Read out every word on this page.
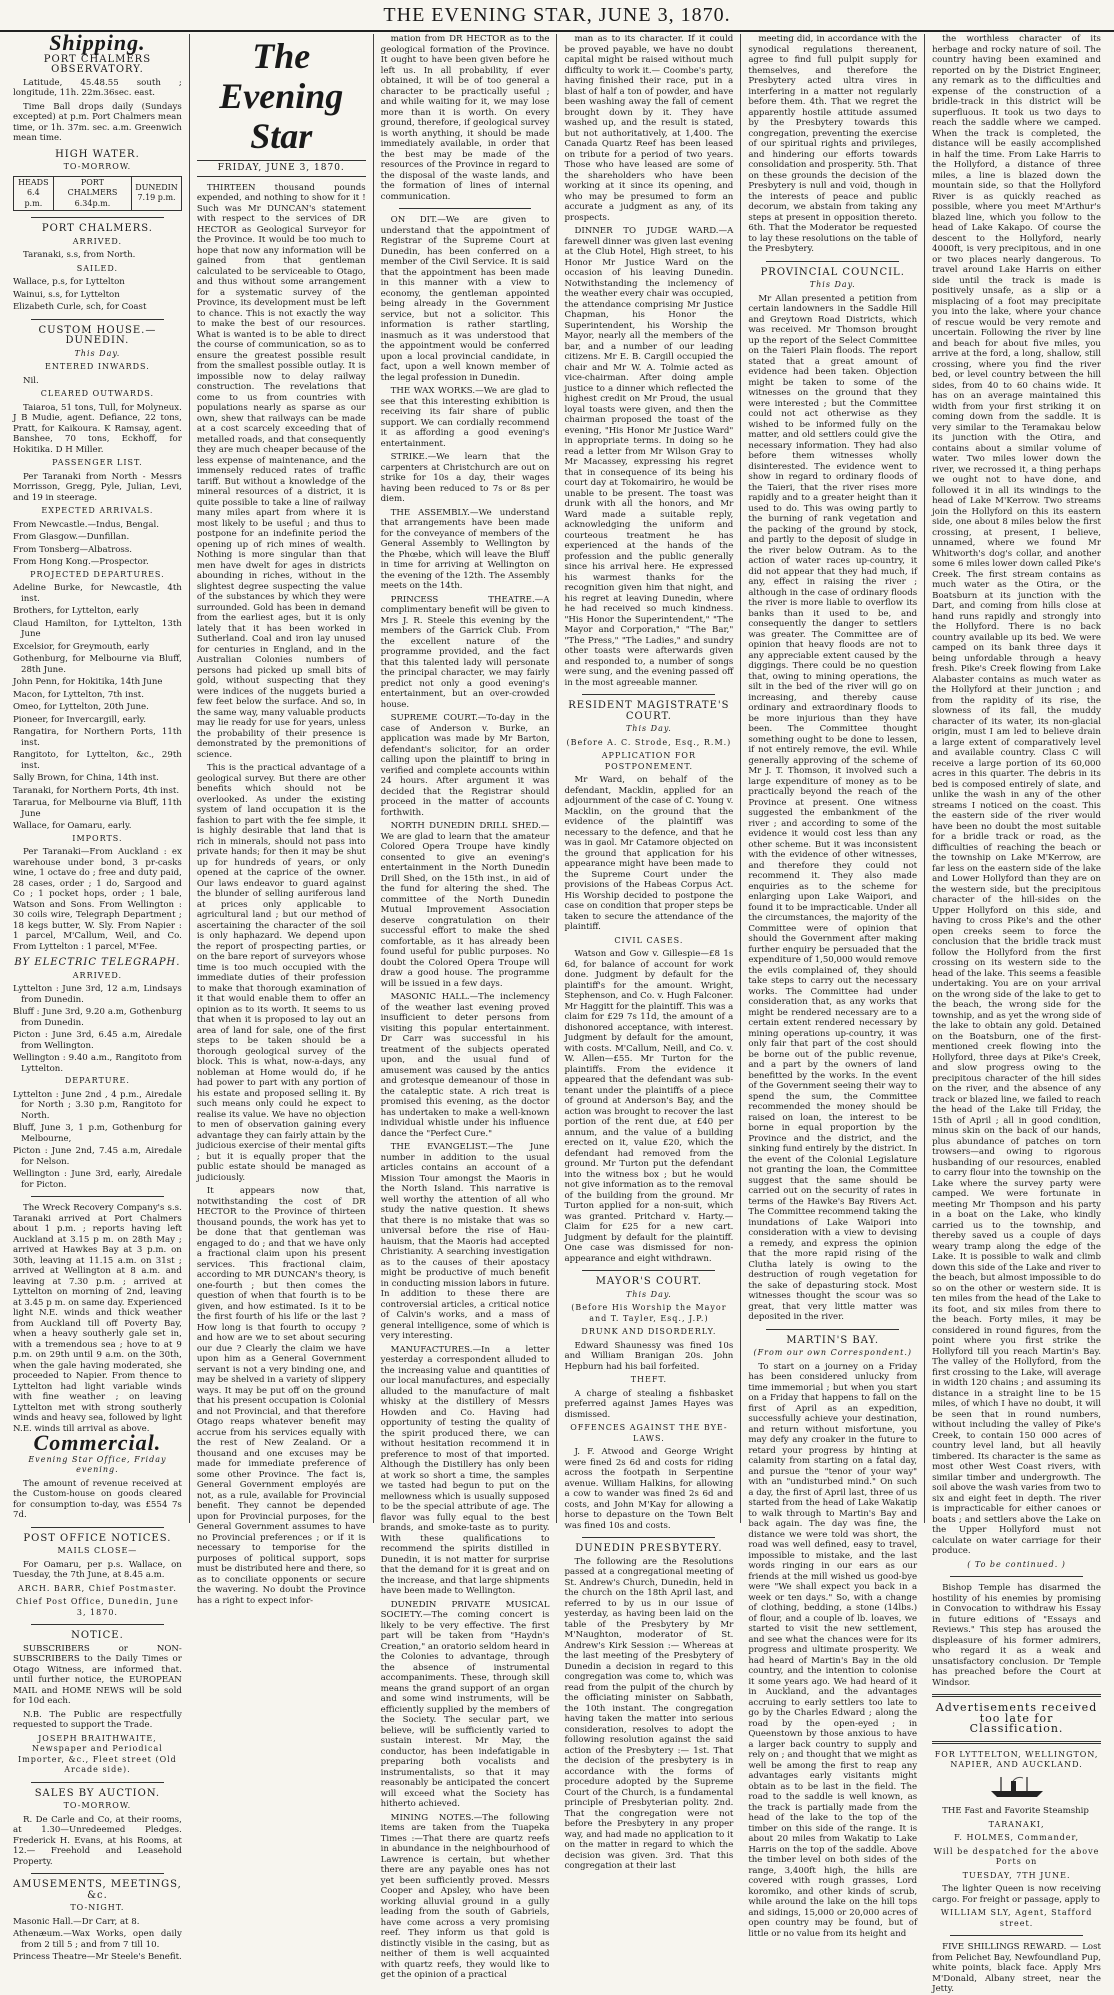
THE EVENING STAR, JUNE 3, 1870.
Shipping.
PORT CHALMERS OBSERVATORY.

Latitude, 45.48.55 south ; longitude, 11h. 22m.36sec. east.

Time Ball drops daily (Sundays excepted) at p.m. Port Chalmers mean time, or 1h. 37m. sec. a.m. Greenwich mean time.

HIGH WATER.
TO-MORROW.
HEADS
6.4 p.m.	PORT CHALMERS
6.34p.m.	DUNEDIN
7.19 p.m.
PORT CHALMERS.
ARRIVED.

Taranaki, s.s, from North.

SAILED.
Wallace, p.s, for Lyttelton
Wainui, s.s, for Lyttelton
Elizabeth Curle, sch, for Coast
CUSTOM HOUSE.—DUNEDIN.
This Day.
ENTERED INWARDS.

Nil.

CLEARED OUTWARDS.

Taiaroa, 51 tons, Tull, for Molyneux. J B Mudie, agent. Defiance, 22 tons, Pratt, for Kaikoura. K Ramsay, agent. Banshee, 70 tons, Eckhoff, for Hokitika. D H Miller.

PASSENGER LIST.

Per Taranaki from North - Messrs Morrisson, Gregg, Pyle, Julian, Levi, and 19 in steerage.

EXPECTED ARRIVALS.
From Newcastle.—Indus, Bengal.
From Glasgow.—Dunfillan.
From Tonsberg—Albatross.
From Hong Kong.—Prospector.
PROJECTED DEPARTURES.
Adeline Burke, for Newcastle, 4th inst.
Brothers, for Lyttelton, early
Claud Hamilton, for Lyttelton, 13th June
Excelsior, for Greymouth, early
Gothenburg, for Melbourne via Bluff, 28th June.
John Penn, for Hokitika, 14th June
Macon, for Lyttelton, 7th inst.
Omeo, for Lyttelton, 20th June.
Pioneer, for Invercargill, early.
Rangatira, for Northern Ports, 11th inst.
Rangitoto, for Lyttelton, &c., 29th inst.
Sally Brown, for China, 14th inst.
Taranaki, for Northern Ports, 4th inst.
Tararua, for Melbourne via Bluff, 11th June
Wallace, for Oamaru, early.
IMPORTS.

Per Taranaki—From Auckland : ex warehouse under bond, 3 pr-casks wine, 1 octave do ; free and duty paid, 28 cases, order ; 1 do, Sargood and Co ; 1 pocket hops, order ; 1 bale, Watson and Sons. From Wellington : 30 coils wire, Telegraph Department ; 18 kegs butter, W. Sly. From Napier : 1 parcel, M'Callum, Weil, and Co. From Lyttelton : 1 parcel, M'Fee.

BY ELECTRIC TELEGRAPH.
ARRIVED.
Lyttelton : June 3rd, 12 a.m, Lindsays from Dunedin.
Bluff : June 3rd, 9.20 a.m, Gothenburg from Dunedin.
Picton : June 3rd, 6.45 a.m, Airedale from Wellington.
Wellington : 9.40 a.m., Rangitoto from Lyttelton.
DEPARTURE.
Lyttelton : June 2nd , 4 p.m., Airedale for North ; 3.30 p.m, Rangitoto for North.
Bluff, June 3, 1 p.m, Gothenburg for Melbourne,
Picton : June 2nd, 7.45 a.m, Airedale for Nelson.
Wellington : June 3rd, early, Airedale for Picton.

The Wreck Recovery Company's s.s. Taranaki arrived at Port Chalmers about 1 p.m. ; reports having left Auckland at 3.15 p m. on 28th May ; arrived at Hawkes Bay at 3 p.m. on 30th, leaving at 11.15 a.m. on 31st ; arrived at Wellington at 8 a.m. and leaving at 7.30 p.m. ; arrived at Lyttelton on morning of 2nd, leaving at 3.45 p m. on same day. Experienced light N.E. winds and thick weather from Auckland till off Poverty Bay, when a heavy southerly gale set in, with a tremendous sea ; hove to at 9 p.m. on 29th until 9 a.m. on the 30th, when the gale having moderated, she proceeded to Napier. From thence to Lyttelton had light variable winds with fine weather ; on leaving Lyttelton met with strong southerly winds and heavy sea, followed by light N.E. winds till arrival as above.

Commercial.
Evening Star Office, Friday evening.

The amount of revenue received at the Custom-house on goods cleared for consumption to-day, was £554 7s 7d.

POST OFFICE NOTICES.
MAILS CLOSE—

For Oamaru, per p.s. Wallace, on Tuesday, the 7th June, at 8.45 a.m.

ARCH. BARR, Chief Postmaster.
Chief Post Office, Dunedin, June 3, 1870.
NOTICE.

SUBSCRIBERS or NON-SUBSCRIBERS to the Daily Times or Otago Witness, are informed that. until further notice, the EUROPEAN MAIL and HOME NEWS will be sold for 10d each.

N.B. The Public are respectfully requested to support the Trade.

JOSEPH BRAITHWAITE, Newspaper and Periodical Importer, &c., Fleet street (Old Arcade side).
SALES BY AUCTION.
TO-MORROW.

R. De Carle and Co, at their rooms, at 1.30—Unredeemed Pledges. Frederick H. Evans, at his Rooms, at 12.— Freehold and Leasehold Property.

AMUSEMENTS, MEETINGS, &c.
TO-NIGHT.
Masonic Hall.—Dr Carr, at 8.
Athenæum.—Wax Works, open daily from 2 till 5 ; and from 7 till 10.
Princess Theatre—Mr Steele's Benefit.
The Evening Star
FRIDAY, JUNE 3, 1870.

THIRTEEN thousand pounds expended, and nothing to show for it ! Such was Mr DUNCAN's statement with respect to the services of DR HECTOR as Geological Surveyor for the Province. It would be too much to hope that now any information will be gained from that gentleman calculated to be serviceable to Otago, and thus without some arrangement for a systematic survey of the Province, its development must be left to chance. This is not exactly the way to make the best of our resources. What is wanted is to be able to direct the course of communication, so as to ensure the greatest possible result from the smallest possible outlay. It is impossible now to delay railway construction. The revelations that come to us from countries with populations nearly as sparse as our own, shew that railways can be made at a cost scarcely exceeding that of metalled roads, and that consequently they are much cheaper because of the less expense of maintenance, and the immensely reduced rates of traffic tariff. But without a knowledge of the mineral resources of a district, it is quite possible to take a line of railway many miles apart from where it is most likely to be useful ; and thus to postpone for an indefinite period the opening up of rich mines of wealth. Nothing is more singular than that men have dwelt for ages in districts abounding in riches, without in the slightest degree suspecting the value of the substances by which they were surrounded. Gold has been in demand from the earliest ages, but it is only lately that it has been worked in Sutherland. Coal and iron lay unused for centuries in England, and in the Australian Colonies numbers of persons had picked up small bits of gold, without suspecting that they were indices of the nuggets buried a few feet below the surface. And so, in the same way, many valuable products may lie ready for use for years, unless the probability of their presence is demonstrated by the premonitions of science.

This is the practical advantage of a geological survey. But there are other benefits which should not be overlooked. As under the existing system of land occupation it is the fashion to part with the fee simple, it is highly desirable that land that is rich in minerals, should not pass into private hands; for then it may be shut up for hundreds of years, or only opened at the caprice of the owner. Our laws endeavor to guard against the blunder of selling auriferous land at prices only applicable to agricultural land ; but our method of ascertaining the character of the soil is only haphazard. We depend upon the report of prospecting parties, or on the bare report of surveyors whose time is too much occupied with the immediate duties of their profession to make that thorough examination of it that would enable them to offer an opinion as to its worth. It seems to us that when it is proposed to lay out an area of land for sale, one of the first steps to be taken should be a thorough geological survey of the block. This is what, now-a-days, any nobleman at Home would do, if he had power to part with any portion of his estate and proposed selling it. By such means only could he expect to realise its value. We have no objection to men of observation gaining every advantage they can fairly attain by the judicious exercise of their mental gifts ; but it is equally proper that the public estate should be managed as judiciously.

It appears now that, notwithstanding the cost of DR HECTOR to the Province of thirteen thousand pounds, the work has yet to be done that that gentleman was engaged to do ; and that we have only a fractional claim upon his present services. This fractional claim, according to MR DUNCAN's theory, is one-fourth ; but then comes the question of when that fourth is to be given, and how estimated. Is it to be the first fourth of his life or the last ? How long is that fourth to occupy ? and how are we to set about securing our due ? Clearly the claim we have upon him as a General Government servant is not a very binding one, and may be shelved in a variety of slippery ways. It may be put off on the ground that his present occupation is Colonial and not Provincial, and that therefore Otago reaps whatever benefit may accrue from his services equally with the rest of New Zealand. Or a thousand and one excuses may be made for immediate preference of some other Province. The fact is, General Government employés are not, as a rule, available for Provincial benefit. They cannot be depended upon for Provincial purposes, for the General Government assumes to have no Provincial preferences ; or if it is necessary to temporise for the purposes of political support, sops must be distributed here and there, so as to conciliate opponents or secure the wavering. No doubt the Province has a right to expect infor-

mation from DR HECTOR as to the geological formation of the Province. It ought to have been given before he left us. In all probability, if ever obtained, it will be of too general a character to be practically useful ; and while waiting for it, we may lose more than it is worth. On every ground, therefore, if geological survey is worth anything, it should be made immediately available, in order that the best may be made of the resources of the Province in regard to the disposal of the waste lands, and the formation of lines of internal communication.

ON DIT.—We are given to understand that the appointment of Registrar of the Supreme Court at Dunedin, has been conferred on a member of the Civil Service. It is said that the appointment has been made in this manner with a view to economy, the gentleman appointed being already in the Government service, but not a solicitor. This information is rather startling, inasmuch as it was understood that the appointment would be conferred upon a local provincial candidate, in fact, upon a well known member of the legal profession in Dunedin.

THE WAX WORKS.—We are glad to see that this interesting exhibition is receiving its fair share of public support. We can cordially recommend it as affording a good evening's entertainment.

STRIKE.—We learn that the carpenters at Christchurch are out on strike for 10s a day, their wages having been reduced to 7s or 8s per diem.

THE ASSEMBLY.—We understand that arrangements have been made for the conveyance of members of the General Assembly to Wellington by the Phœbe, which will leave the Bluff in time for arriving at Wellington on the evening of the 12th. The Assembly meets on the 14th.

PRINCESS THEATRE.—A complimentary benefit will be given to Mrs J. R. Steele this evening by the members of the Garrick Club. From the excellent nature of the programme provided, and the fact that this talented lady will personate the principal character, we may fairly predict not only a good evening's entertainment, but an over-crowded house.

SUPREME COURT.—To-day in the case of Anderson v. Burke, an application was made by Mr Barton, defendant's solicitor, for an order calling upon the plaintiff to bring in verified and complete accounts within 24 hours. After argument it was decided that the Registrar should proceed in the matter of accounts forthwith.

NORTH DUNEDIN DRILL SHED.—We are glad to learn that the amateur Colored Opera Troupe have kindly consented to give an evening's entertainment in the North Dunedin Drill Shed, on the 15th inst., in aid of the fund for altering the shed. The committee of the North Dunedin Mutual Improvement Association deserve congratulation on their successful effort to make the shed comfortable, as it has already been found useful for public purposes. No doubt the Colored Opera Troupe will draw a good house. The programme will be issued in a few days.

MASONIC HALL.—The inclemency of the weather last evening proved insufficient to deter persons from visiting this popular entertainment. Dr Carr was successful in his treatment of the subjects operated upon, and the usual fund of amusement was caused by the antics and grotesque demeanour of those in the cataleptic state. A rich treat is promised this evening, as the doctor has undertaken to make a well-known individual whistle under his influence dance the "Perfect Cure."

THE EVANGELIST.—The June number in addition to the usual articles contains an account of a Mission Tour amongst the Maoris in the North Island. This narrative is well worthy the attention of all who study the native question. It shews that there is no mistake that was so universal before the rise of Hau-hauism, that the Maoris had accepted Christianity. A searching investigation as to the causes of their apostacy might be productive of much benefit in conducting mission labors in future. In addition to these there are controversial articles, a critical notice of Calvin's works, and a mass of general intelligence, some of which is very interesting.

MANUFACTURES.—In a letter yesterday a correspondent alluded to the increasing value and quantities of our local manufactures, and especially alluded to the manufacture of malt whisky at the distillery of Messrs Howden and Co. Having had opportunity of testing the quality of the spirit produced there, we can without hesitation recommend it in preference to most of that imported. Although the Distillery has only been at work so short a time, the samples we tasted had begun to put on the mellowness which is usually supposed to be the special attribute of age. The flavor was fully equal to the best brands, and smoke-taste as to purity. With these qualifications to recommend the spirits distilled in Dunedin, it is not matter for surprise that the demand for it is great and on the increase, and that large shipments have been made to Wellington.

DUNEDIN PRIVATE MUSICAL SOCIETY.—The coming concert is likely to be very effective. The first part will be taken from "Haydn's Creation," an oratorio seldom heard in the Colonies to advantage, through the absence of instrumental accompaniments. These, through skill means the grand support of an organ and some wind instruments, will be efficiently supplied by the members of the Society. The secular part, we believe, will be sufficiently varied to sustain interest. Mr May, the conductor, has been indefatigable in preparing both vocalists and instrumentalists, so that it may reasonably be anticipated the concert will exceed what the Society has hitherto achieved.

MINING NOTES.—The following items are taken from the Tuapeka Times :—That there are quartz reefs in abundance in the neighbourhood of Lawrence is certain, but whether there are any payable ones has not yet been sufficiently proved. Messrs Cooper and Apsley, who have been working alluvial ground in a gully leading from the south of Gabriels, have come across a very promising reef. They inform us that gold is distinctly visible in the casing, but as neither of them is well acquainted with quartz reefs, they would like to get the opinion of a practical

man as to its character. If it could be proved payable, we have no doubt capital might be raised without much difficulty to work it.— Coombe's party, having finished their race, put in a blast of half a ton of powder, and have been washing away the fall of cement brought down by it. They have washed up, and the result is stated, but not authoritatively, at 1,400. The Canada Quartz Reef has been leased on tribute for a period of two years. Those who have leased are some of the shareholders who have been working at it since its opening, and who may be presumed to form an accurate a judgment as any, of its prospects.

DINNER TO JUDGE WARD.—A farewell dinner was given last evening at the Club Hotel, High street, to his Honor Mr Justice Ward on the occasion of his leaving Dunedin. Notwithstanding the inclemency of the weather every chair was occupied, the attendance comprising Mr Justice Chapman, his Honor the Superintendent, his Worship the Mayor, nearly all the members of the bar, and a number of our leading citizens. Mr E. B. Cargill occupied the chair and Mr W. A. Tolmie acted as vice-chairman. After doing ample justice to a dinner which reflected the highest credit on Mr Proud, the usual loyal toasts were given, and then the chairman proposed the toast of the evening, "His Honor Mr Justice Ward" in appropriate terms. In doing so he read a letter from Mr Wilson Gray to Mr Macassey, expressing his regret that in consequence of its being his court day at Tokomairiro, he would be unable to be present. The toast was drunk with all the honors, and Mr Ward made a suitable reply, acknowledging the uniform and courteous treatment he has experienced at the hands of the profession and the public generally since his arrival here. He expressed his warmest thanks for the recognition given him that night, and his regret at leaving Dunedin, where he had received so much kindness. "His Honor the Superintendent," "The Mayor and Corporation," "The Bar," "The Press," "The Ladies," and sundry other toasts were afterwards given and responded to, a number of songs were sung, and the evening passed off in the most agreeable manner.

RESIDENT MAGISTRATE'S COURT.
This Day.
(Before A. C. Strode, Esq., R.M.)
APPLICATION FOR POSTPONEMENT.

Mr Ward, on behalf of the defendant, Macklin, applied for an adjournment of the case of C. Young v. Macklin, on the ground that the evidence of the plaintiff was necessary to the defence, and that he was in gaol. Mr Catamore objected on the ground that application for his appearance might have been made to the Supreme Court under the provisions of the Habeas Corpus Act. His Worship decided to postpone the case on condition that proper steps be taken to secure the attendance of the plaintiff.

CIVIL CASES.

Watson and Gow v. Gillespie—£8 1s 6d, for balance of account for work done. Judgment by default for the plaintiff's for the amount. Wright, Stephenson, and Co. v. Hugh Falconer. Mr Haggitt for the plaintiff. This was a claim for £29 7s 11d, the amount of a dishonored acceptance, with interest. Judgment by default for the amount, with costs. M'Callum, Neill, and Co. v. W. Allen—£55. Mr Turton for the plaintiffs. From the evidence it appeared that the defendant was sub-tenant under the plaintiffs of a piece of ground at Anderson's Bay, and the action was brought to recover the last portion of the rent due, at £40 per annum, and the value of a building erected on it, value £20, which the defendant had removed from the ground. Mr Turton put the defendant into the witness box ; but he would not give information as to the removal of the building from the ground. Mr Turton applied for a non-suit, which was granted. Pritchard v. Harty.—Claim for £25 for a new cart. Judgment by default for the plaintiff. One case was dismissed for non-appearance and eight withdrawn.

MAYOR'S COURT.
This Day.
(Before His Worship the Mayor and T. Tayler, Esq., J.P.)
DRUNK AND DISORDERLY.

Edward Shaunessy was fined 10s and William Branigan 20s. John Hepburn had his bail forfeited.

THEFT.

A charge of stealing a fishbasket preferred against James Hayes was dismissed.

OFFENCES AGAINST THE BYE-LAWS.

J. F. Atwood and George Wright were fined 2s 6d and costs for riding across the footpath in Serpentine avenue. William Halkins, for allowing a cow to wander was fined 2s 6d and costs, and John M'Kay for allowing a horse to depasture on the Town Belt was fined 10s and costs.

DUNEDIN PRESBYTERY.

The following are the Resolutions passed at a congregational meeting of St. Andrew's Church, Dunedin, held in the church on the 18th April last, and referred to by us in our issue of yesterday, as having been laid on the table of the Presbytery by Mr M'Naughton, moderator of St. Andrew's Kirk Session :— Whereas at the last meeting of the Presbytery of Dunedin a decision in regard to this congregation was come to, which was read from the pulpit of the church by the officiating minister on Sabbath, the 10th instant. The congregation having taken the matter into serious consideration, resolves to adopt the following resolution against the said action of the Presbytery :— 1st. That the decision of the presbytery is in accordance with the forms of procedure adopted by the Supreme Court of the Church, is a fundamental principle of Presbyterian polity. 2nd. That the congregation were not before the Presbytery in any proper way, and had made no application to it on the matter in regard to which the decision was given. 3rd. That this congregation at their last

meeting did, in accordance with the synodical regulations thereanent, agree to find full pulpit supply for themselves, and therefore the Presbytery acted ultra vires in interfering in a matter not regularly before them. 4th. That we regret the apparently hostile attitude assumed by the Presbytery towards this congregation, preventing the exercise of our spiritual rights and privileges, and hindering our efforts towards consolidation and prosperity. 5th. That on these grounds the decision of the Presbytery is null and void, though in the interests of peace and public decorum, we abstain from taking any steps at present in opposition thereto. 6th. That the Moderator be requested to lay these resolutions on the table of the Presbytery.

PROVINCIAL COUNCIL.
This Day.

Mr Allan presented a petition from certain landowners in the Saddle Hill and Greytown Road Districts, which was received. Mr Thomson brought up the report of the Select Committee on the Taieri Plain floods. The report stated that a great amount of evidence had been taken. Objection might be taken to some of the witnesses on the ground that they were interested ; but the Committee could not act otherwise as they wished to be informed fully on the matter, and old settlers could give the necessary information. They had also before them witnesses wholly disinterested. The evidence went to show in regard to ordinary floods of the Taieri, that the river rises more rapidly and to a greater height than it used to do. This was owing partly to the burning of rank vegetation and the packing of the ground by stock, and partly to the deposit of sludge in the river below Outram. As to the action of water races up-country, it did not appear that they had much, if any, effect in raising the river ; although in the case of ordinary floods the river is more liable to overflow its banks than it used to be, and consequently the danger to settlers was greater. The Committee are of opinion that heavy floods are not to any appreciable extent caused by the diggings. There could be no question that, owing to mining operations, the silt in the bed of the river will go on increasing, and thereby cause ordinary and extraordinary floods to be more injurious than they have been. The Committee thought something ought to be done to lessen, if not entirely remove, the evil. While generally approving of the scheme of Mr J. T. Thomson, it involved such a large expenditure of money as to be practically beyond the reach of the Province at present. One witness suggested the embankment of the river ; and according to some of the evidence it would cost less than any other scheme. But it was inconsistent with the evidence of other witnesses, and therefore they could not recommend it. They also made enquiries as to the scheme for enlarging upon Lake Waipori, and found it to be impracticable. Under all the circumstances, the majority of the Committee were of opinion that should the Government after making further enquiry be persuaded that the expenditure of 1,50,000 would remove the evils complained of, they should take steps to carry out the necessary works. The Committee had under consideration that, as any works that might be rendered necessary are to a certain extent rendered necessary by mining operations up-country, it was only fair that part of the cost should be borne out of the public revenue, and a part by the owners of land benefitted by the works. In the event of the Government seeing their way to spend the sum, the Committee recommended the money should be raised on loan, the interest to be borne in equal proportion by the Province and the district, and the sinking fund entirely by the district. In the event of the Colonial Legislature not granting the loan, the Committee suggest that the same should be carried out on the security of rates in terms of the Hawke's Bay Rivers Act. The Committee recommend taking the inundations of Lake Waipori into consideration with a view to devising a remedy, and express the opinion that the more rapid rising of the Clutha lately is owing to the destruction of rough vegetation for the sake of depasturing stock. Most witnesses thought the scour was so great, that very little matter was deposited in the river.

MARTIN'S BAY.
(From our own Correspondent.)

To start on a journey on a Friday has been considered unlucky from time immemorial ; but when you start on a Friday that happens to fall on the first of April as an expedition, successfully achieve your destination, and return without misfortune, you may defy any croaker in the future to retard your progress by hinting at calamity from starting on a fatal day, and pursue the "tenor of your way" with an "undisturbed mind." On such a day, the first of April last, three of us started from the head of Lake Wakatip to walk through to Martin's Bay and back again. The day was fine, the distance we were told was short, the road was well defined, easy to travel, impossible to mistake, and the last words ringing in our ears as our friends at the mill wished us good-bye were "We shall expect you back in a week or ten days." So, with a change of clothing, bedding, a stone (14lbs.) of flour, and a couple of lb. loaves, we started to visit the new settlement, and see what the chances were for its progress and ultimate prosperity. We had heard of Martin's Bay in the old country, and the intention to colonise it some years ago. We had heard of it in Auckland, and the advantages accruing to early settlers too late to go by the Charles Edward ; along the road by the open-eyed ; in Queenstown by those anxious to have a larger back country to supply and rely on ; and thought that we might as well be among the first to reap any advantages early visitants might obtain as to be last in the field. The road to the saddle is well known, as the track is partially made from the head of the lake to the top of the timber on this side of the range. It is about 20 miles from Wakatip to Lake Harris on the top of the saddle. Above the timber level on both sides of the range, 3,400ft high, the hills are covered with rough grasses, Lord koromiko, and other kinds of scrub, while around the lake on the hill tops and sidings, 15,000 or 20,000 acres of open country may be found, but of little or no value from its height and

the worthless character of its herbage and rocky nature of soil. The country having been examined and reported on by the District Engineer, any remark as to the difficulties and expense of the construction of a bridle-track in this district will be superfluous. It took us two days to reach the saddle where we camped. When the track is completed, the distance will be easily accomplished in half the time. From Lake Harris to the Hollyford, a distance of three miles, a line is blazed down the mountain side, so that the Hollyford River is as quickly reached as possible, where you meet M'Arthur's blazed line, which you follow to the head of Lake Kakapo. Of course the descent to the Hollyford, nearly 4000ft, is very precipitous, and in one or two places nearly dangerous. To travel around Lake Harris on either side until the track is made is positively unsafe, as a slip or a misplacing of a foot may precipitate you into the lake, where your chance of rescue would be very remote and uncertain. Following the river by line and beach for about five miles, you arrive at the ford, a long, shallow, still crossing, where you find the river bed, or level country between the hill sides, from 40 to 60 chains wide. It has on an average maintained this width from your first striking it on coming down from the saddle. It is very similar to the Teramakau below its junction with the Otira, and contains about a similar volume of water. Two miles lower down the river, we recrossed it, a thing perhaps we ought not to have done, and followed it in all its windings to the head of Lake M'Kerrow. Two streams join the Hollyford on this its eastern side, one about 8 miles below the first crossing, at present, I believe, unnamed, where we found Mr Whitworth's dog's collar, and another some 6 miles lower down called Pike's Creek. The first stream contains as much water as the Otira, or the Boatsburn at its junction with the Dart, and coming from hills close at hand runs rapidly and strongly into the Hollyford. There is no back country available up its bed. We were camped on its bank three days it being unfordable through a heavy fresh. Pike's Creek flowing from Lake Alabaster contains as much water as the Hollyford at their junction ; and from the rapidity of its rise, the slowness of its fall, the muddy character of its water, its non-glacial origin, must I am led to believe drain a large extent of comparatively level and available country. Class C will receive a large portion of its 60,000 acres in this quarter. The debris in its bed is composed entirely of slate, and unlike the wash in any of the other streams I noticed on the coast. This the eastern side of the river would have been no doubt the most suitable for a bridle track or road, as the difficulties of reaching the beach or the township on Lake M'Kerrow, are far less on the eastern side of the lake and Lower Hollyford than they are on the western side, but the precipitous character of the hill-sides on the Upper Hollyford on this side, and having to cross Pike's and the other open creeks seem to force the conclusion that the bridle track must follow the Hollyford from the first crossing on its western side to the head of the lake. This seems a feasible undertaking. You are on your arrival on the wrong side of the lake to get to the beach, the wrong side for the township, and as yet the wrong side of the lake to obtain any gold. Detained on the Boatsburn, one of the first-mentioned creek flowing into the Hollyford, three days at Pike's Creek, and slow progress owing to the precipitous character of the hill sides on the river, and the absence of any track or blazed line, we failed to reach the head of the Lake till Friday, the 15th of April ; all in good condition, minus skin on the back of our hands, plus abundance of patches on torn trowsers—and owing to rigorous husbanding of our resources, enabled to carry flour into the township on the Lake where the survey party were camped. We were fortunate in meeting Mr Thompson and his party in a boat on the Lake, who kindly carried us to the township, and thereby saved us a couple of days weary tramp along the edge of the Lake. It is possible to walk and climb down this side of the Lake and river to the beach, but almost impossible to do so on the other or western side. It is ten miles from the head of the Lake to its foot, and six miles from there to the beach. Forty miles, it may be considered in round figures, from the point where you first strike the Hollyford till you reach Martin's Bay. The valley of the Hollyford, from the first crossing to the Lake, will average in width 120 chains ; and assuming its distance in a straight line to be 15 miles, of which I have no doubt, it will be seen that in round numbers, without including the valley of Pike's Creek, to contain 150 000 acres of country level land, but all heavily timbered. Its character is the same as most other West Coast rivers, with similar timber and undergrowth. The soil above the wash varies from two to six and eight feet in depth. The river is impracticable for either canoes or boats ; and settlers above the Lake on the Upper Hollyford must not calculate on water carriage for their produce.

( To be continued. )

Bishop Temple has disarmed the hostility of his enemies by promising in Convocation to withdraw his Essay in future editions of "Essays and Reviews." This step has aroused the displeasure of his former admirers, who regard it as a weak and unsatisfactory conclusion. Dr Temple has preached before the Court at Windsor.

Advertisements received too late for Classification.
FOR LYTTELTON, WELLINGTON, NAPIER, AND AUCKLAND.

THE Fast and Favorite Steamship

TARANAKI,
F. HOLMES, Commander,
Will be despatched for the above Ports on
TUESDAY, 7TH JUNE.

The lighter Queen is now receiving cargo. For freight or passage, apply to

WILLIAM SLY, Agent, Stafford street.

FIVE SHILLINGS REWARD. — Lost from Pelichet Bay, Newfoundland Pup, white points, black face. Apply Mrs M'Donald, Albany street, near the Jetty.
